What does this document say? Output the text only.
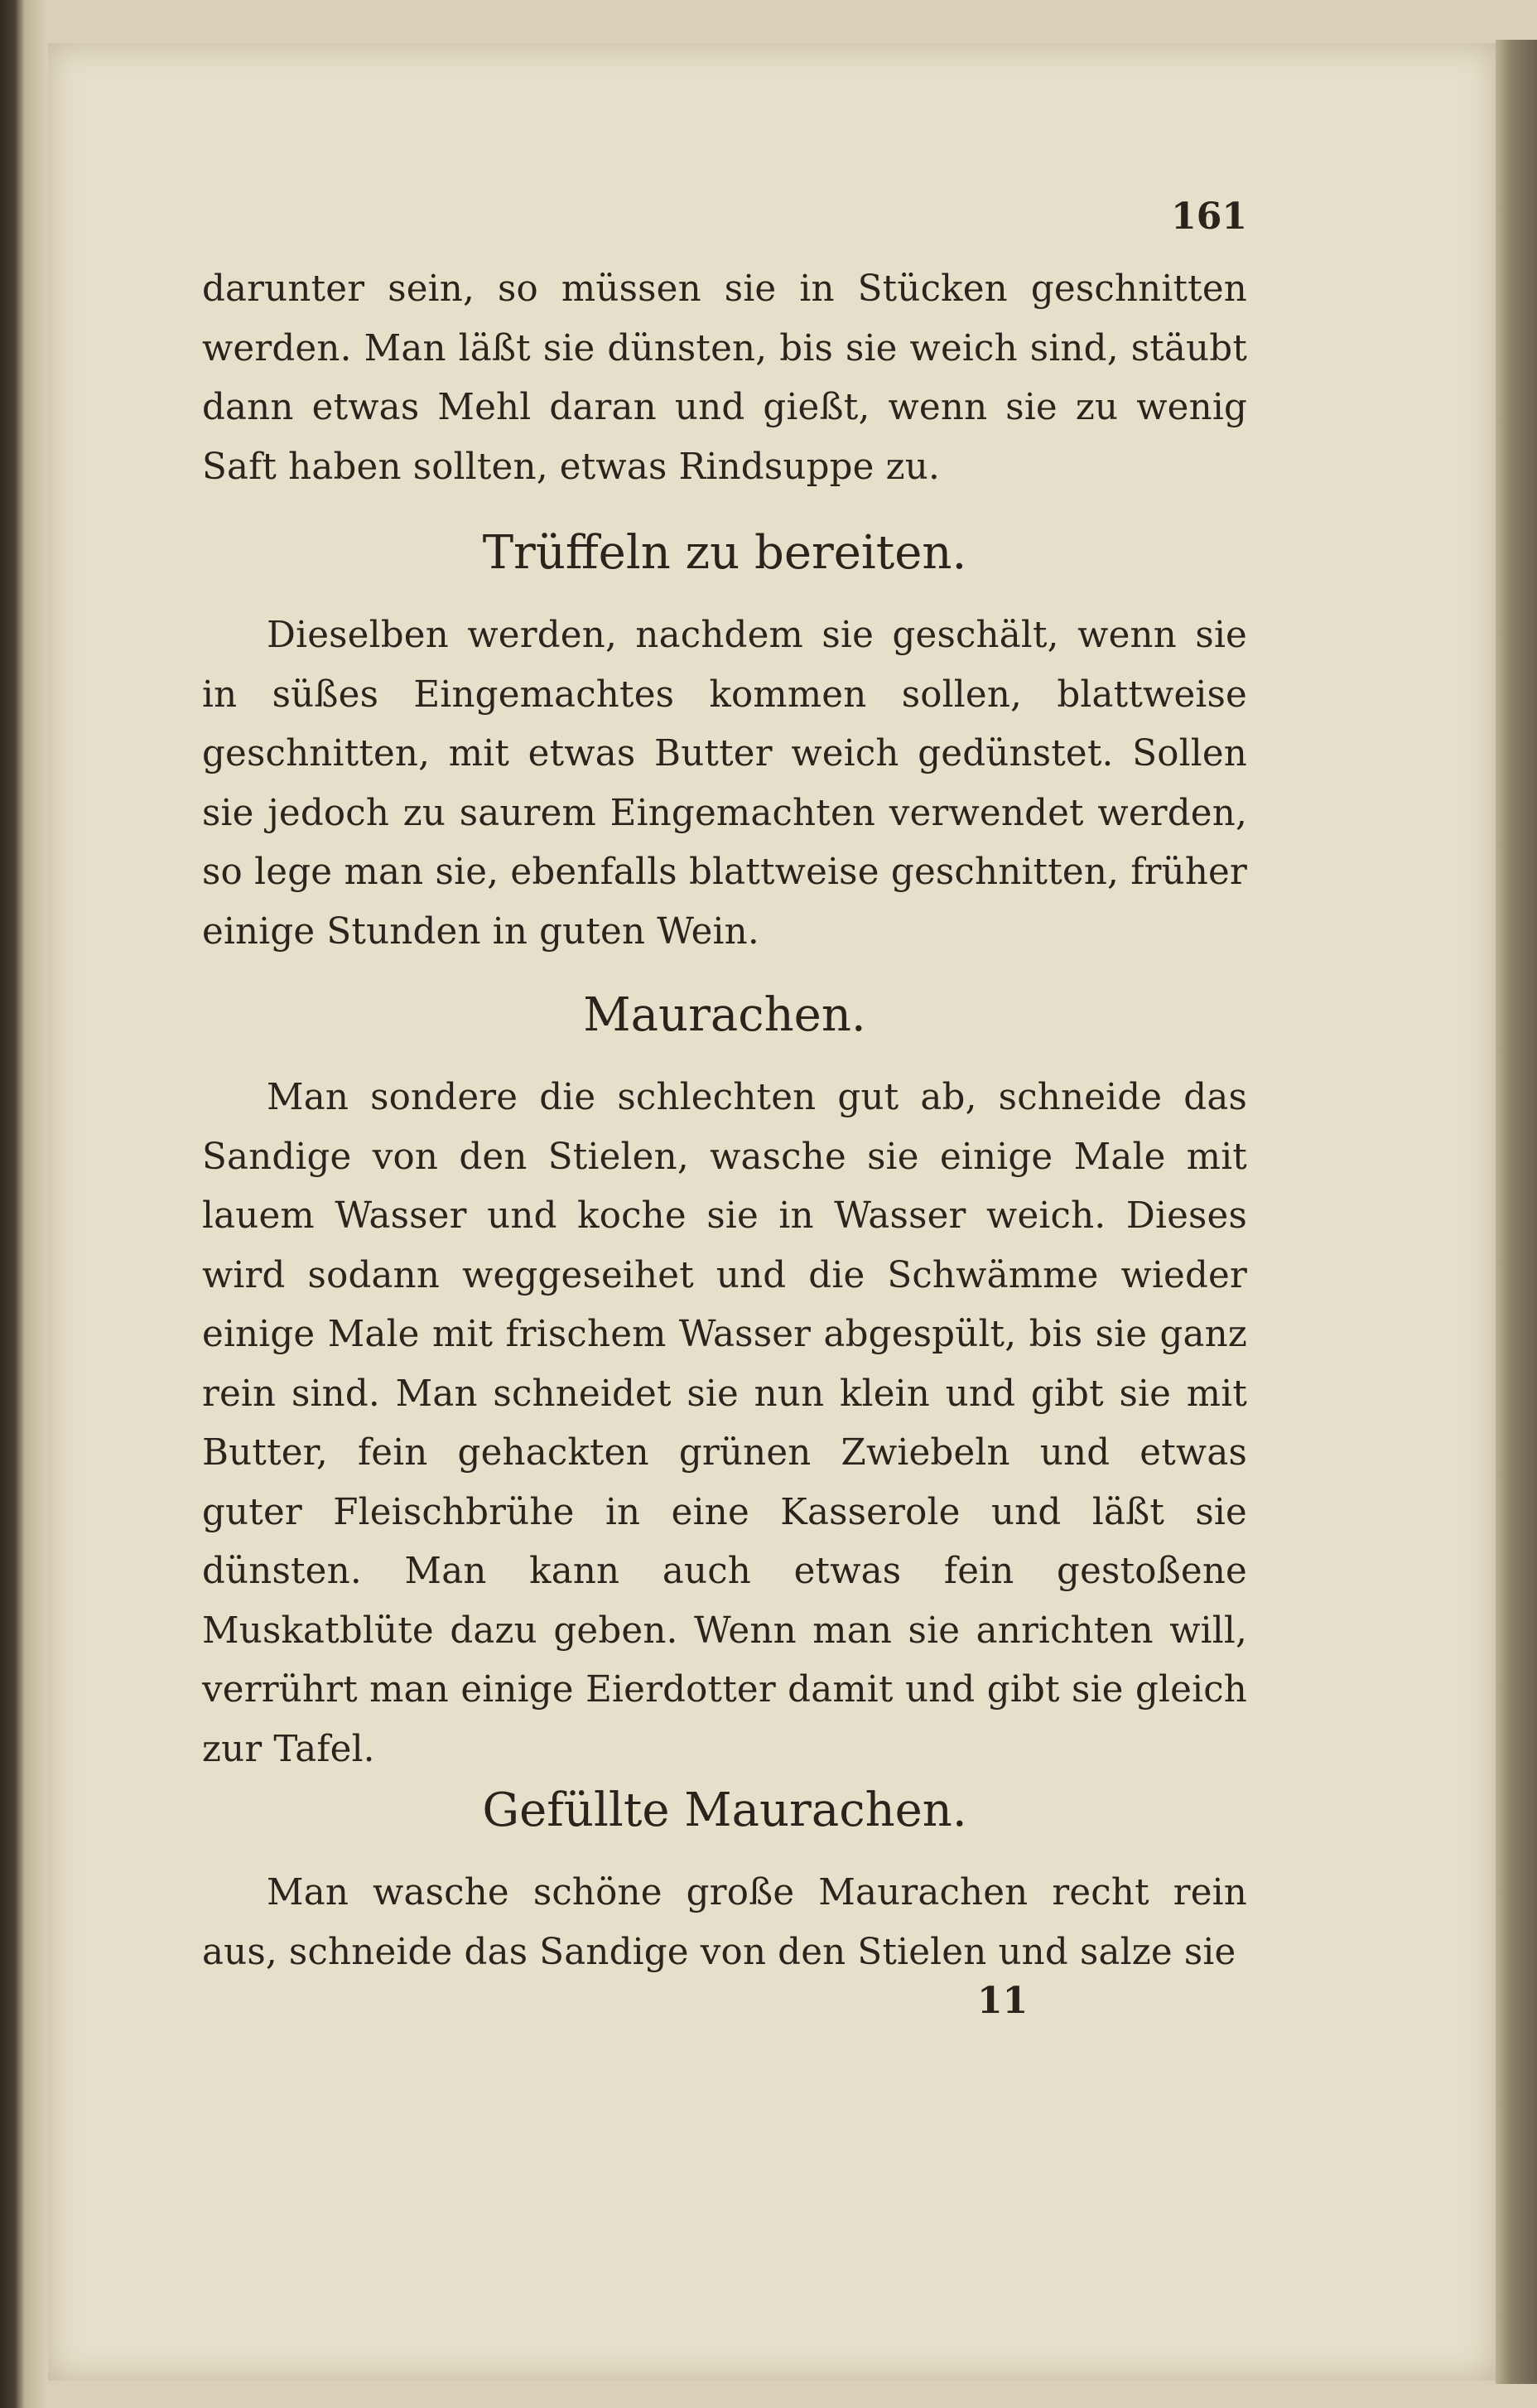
161

darunter sein, so müssen sie in Stücken geschnitten werden. Man läßt sie dünsten, bis sie weich sind, stäubt dann etwas Mehl daran und gießt, wenn sie zu wenig Saft haben sollten, etwas Rindsuppe zu.

Trüffeln zu bereiten.

Dieselben werden, nachdem sie geschält, wenn sie in süßes Eingemachtes kommen sollen, blattweise geschnitten, mit etwas Butter weich gedünstet. Sollen sie jedoch zu saurem Eingemachten verwendet werden, so lege man sie, ebenfalls blattweise geschnitten, früher einige Stunden in guten Wein.

Maurachen.

Man sondere die schlechten gut ab, schneide das Sandige von den Stielen, wasche sie einige Male mit lauem Wasser und koche sie in Wasser weich. Dieses wird sodann weggeseihet und die Schwämme wieder einige Male mit frischem Wasser abgespült, bis sie ganz rein sind. Man schneidet sie nun klein und gibt sie mit Butter, fein gehackten grünen Zwiebeln und etwas guter Fleischbrühe in eine Kasserole und läßt sie dünsten. Man kann auch etwas fein gestoßene Muskatblüte dazu geben. Wenn man sie anrichten will, verrührt man einige Eierdotter damit und gibt sie gleich zur Tafel.

Gefüllte Maurachen.

Man wasche schöne große Maurachen recht rein aus, schneide das Sandige von den Stielen und salze sie

11
